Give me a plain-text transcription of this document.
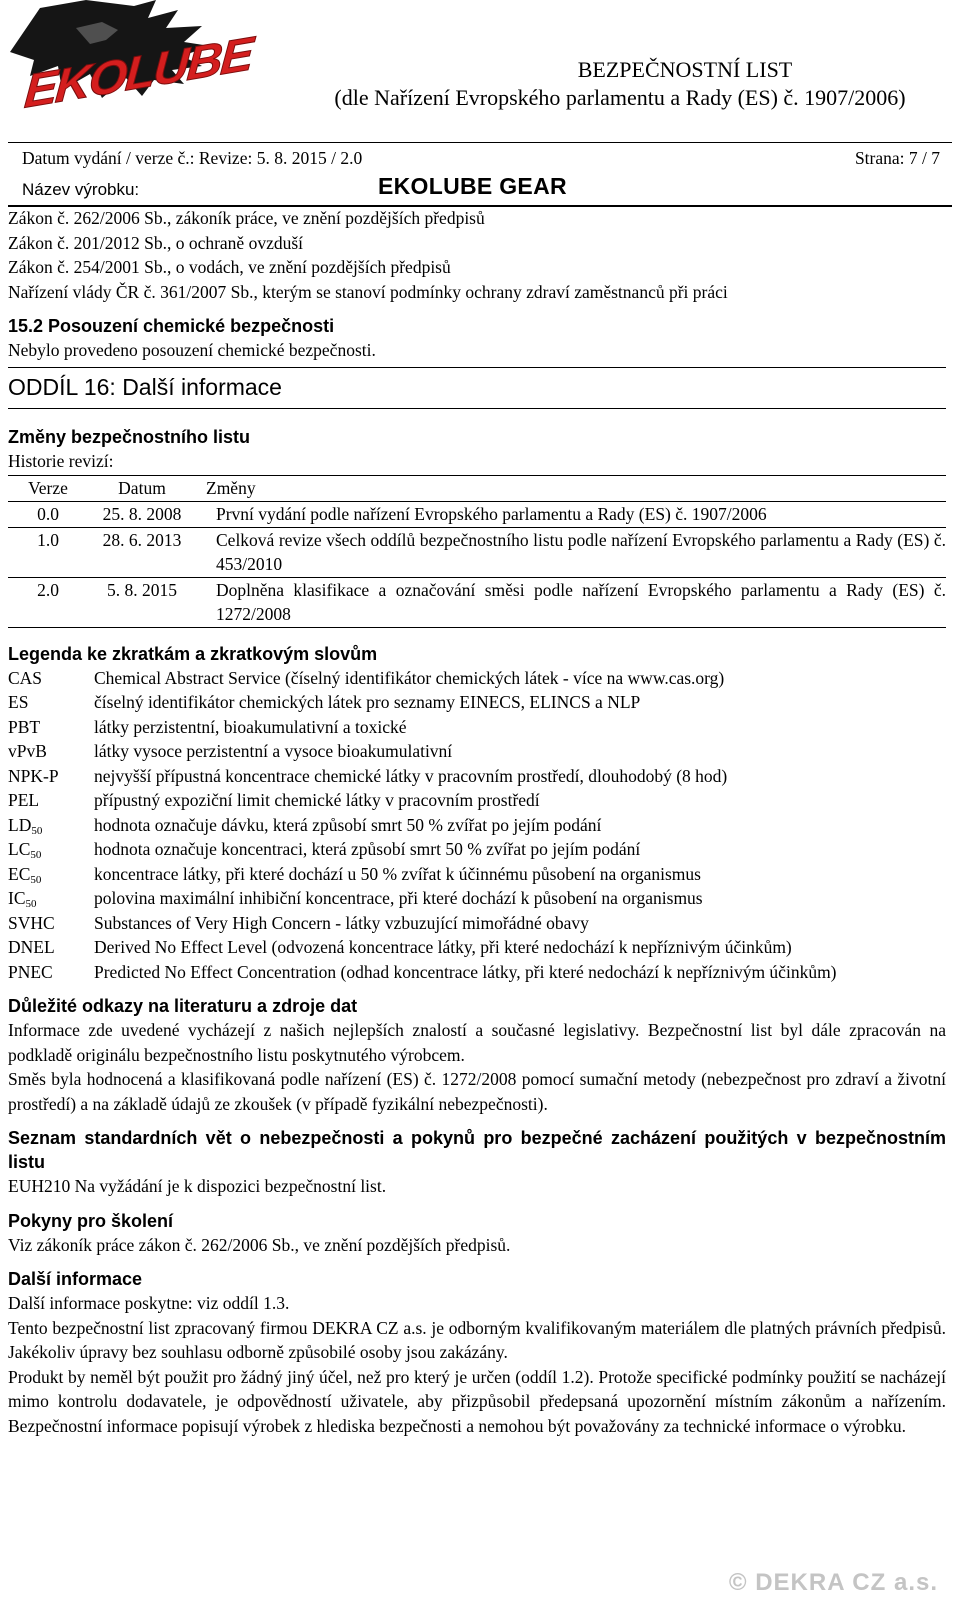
EKOLUBE	BEZPEČNOSTNÍ LIST
(dle Nařízení Evropského parlamentu a Rady (ES) č. 1907/2006)
Datum vydání / verze č.: Revize: 5. 8. 2015 / 2.0	Strana: 7 / 7
Název výrobku:	EKOLUBE GEAR

Zákon č. 262/2006 Sb., zákoník práce, ve znění pozdějších předpisů

Zákon č. 201/2012 Sb., o ochraně ovzduší

Zákon č. 254/2001 Sb., o vodách, ve znění pozdějších předpisů

Nařízení vlády ČR č. 361/2007 Sb., kterým se stanoví podmínky ochrany zdraví zaměstnanců při práci

15.2 Posouzení chemické bezpečnosti

Nebylo provedeno posouzení chemické bezpečnosti.

ODDÍL 16: Další informace

Změny bezpečnostního listu

Historie revizí:

Verze	Datum	Změny
0.0	25. 8. 2008	První vydání podle nařízení Evropského parlamentu a Rady (ES) č. 1907/2006
1.0	28. 6. 2013	Celková revize všech oddílů bezpečnostního listu podle nařízení Evropského parlamentu a Rady (ES) č. 453/2010
2.0	5. 8. 2015	Doplněna klasifikace a označování směsi podle nařízení Evropského parlamentu a Rady (ES) č. 1272/2008

Legenda ke zkratkám a zkratkovým slovům

CAS	Chemical Abstract Service (číselný identifikátor chemických látek - více na www.cas.org)
ES	číselný identifikátor chemických látek pro seznamy EINECS, ELINCS a NLP
PBT	látky perzistentní, bioakumulativní a toxické
vPvB	látky vysoce perzistentní a vysoce bioakumulativní
NPK-P	nejvyšší přípustná koncentrace chemické látky v pracovním prostředí, dlouhodobý (8 hod)
PEL	přípustný expoziční limit chemické látky v pracovním prostředí
$LD_{50}$	hodnota označuje dávku, která způsobí smrt 50 % zvířat po jejím podání
$LC_{50}$	hodnota označuje koncentraci, která způsobí smrt 50 % zvířat po jejím podání
$EC_{50}$	koncentrace látky, při které dochází u 50 % zvířat k účinnému působení na organismus
$IC_{50}$	polovina maximální inhibiční koncentrace, při které dochází k působení na organismus
SVHC	Substances of Very High Concern - látky vzbuzující mimořádné obavy
DNEL	Derived No Effect Level (odvozená koncentrace látky, při které nedochází k nepříznivým účinkům)
PNEC	Predicted No Effect Concentration (odhad koncentrace látky, při které nedochází k nepříznivým účinkům)

Důležité odkazy na literaturu a zdroje dat

Informace zde uvedené vycházejí z našich nejlepších znalostí a současné legislativy. Bezpečnostní list byl dále zpracován na podkladě originálu bezpečnostního listu poskytnutého výrobcem.

Směs byla hodnocená a klasifikovaná podle nařízení (ES) č. 1272/2008 pomocí sumační metody (nebezpečnost pro zdraví a životní prostředí) a na základě údajů ze zkoušek (v případě fyzikální nebezpečnosti).

Seznam standardních vět o nebezpečnosti a pokynů pro bezpečné zacházení použitých v bezpečnostním listu

EUH210 Na vyžádání je k dispozici bezpečnostní list.

Pokyny pro školení

Viz zákoník práce zákon č. 262/2006 Sb., ve znění pozdějších předpisů.

Další informace

Další informace poskytne: viz oddíl 1.3.

Tento bezpečnostní list zpracovaný firmou DEKRA CZ a.s. je odborným kvalifikovaným materiálem dle platných právních předpisů. Jakékoliv úpravy bez souhlasu odborně způsobilé osoby jsou zakázány.

Produkt by neměl být použit pro žádný jiný účel, než pro který je určen (oddíl 1.2). Protože specifické podmínky použití se nacházejí mimo kontrolu dodavatele, je odpovědností uživatele, aby přizpůsobil předepsaná upozornění místním zákonům a nařízením. Bezpečnostní informace popisují výrobek z hlediska bezpečnosti a nemohou být považovány za technické informace o výrobku.

© DEKRA CZ a.s.
